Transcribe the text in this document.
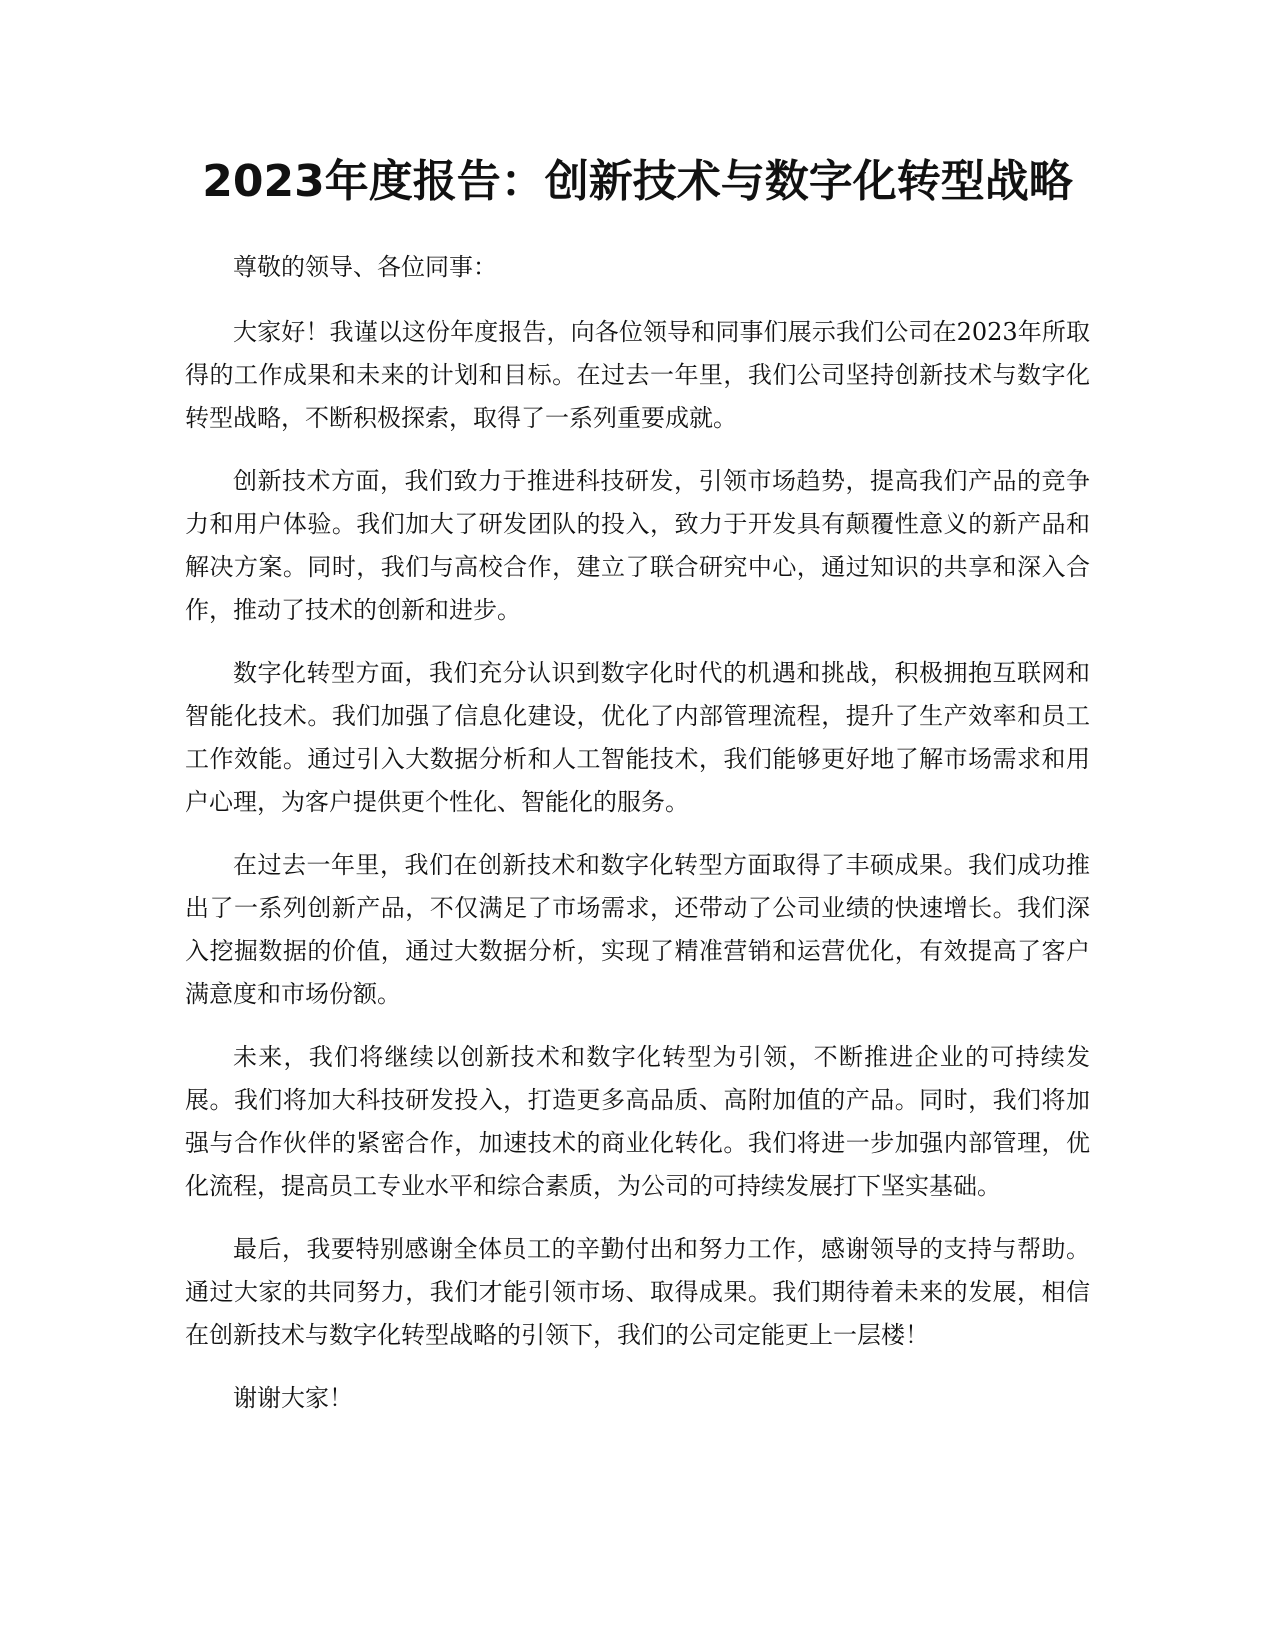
2023年度报告：创新技术与数字化转型战略

尊敬的领导、各位同事：

大家好！我谨以这份年度报告，向各位领导和同事们展示我们公司在2023年所取得的工作成果和未来的计划和目标。在过去一年里，我们公司坚持创新技术与数字化转型战略，不断积极探索，取得了一系列重要成就。

创新技术方面，我们致力于推进科技研发，引领市场趋势，提高我们产品的竞争力和用户体验。我们加大了研发团队的投入，致力于开发具有颠覆性意义的新产品和解决方案。同时，我们与高校合作，建立了联合研究中心，通过知识的共享和深入合作，推动了技术的创新和进步。

数字化转型方面，我们充分认识到数字化时代的机遇和挑战，积极拥抱互联网和智能化技术。我们加强了信息化建设，优化了内部管理流程，提升了生产效率和员工工作效能。通过引入大数据分析和人工智能技术，我们能够更好地了解市场需求和用户心理，为客户提供更个性化、智能化的服务。

在过去一年里，我们在创新技术和数字化转型方面取得了丰硕成果。我们成功推出了一系列创新产品，不仅满足了市场需求，还带动了公司业绩的快速增长。我们深入挖掘数据的价值，通过大数据分析，实现了精准营销和运营优化，有效提高了客户满意度和市场份额。

未来，我们将继续以创新技术和数字化转型为引领，不断推进企业的可持续发展。我们将加大科技研发投入，打造更多高品质、高附加值的产品。同时，我们将加强与合作伙伴的紧密合作，加速技术的商业化转化。我们将进一步加强内部管理，优化流程，提高员工专业水平和综合素质，为公司的可持续发展打下坚实基础。

最后，我要特别感谢全体员工的辛勤付出和努力工作，感谢领导的支持与帮助。通过大家的共同努力，我们才能引领市场、取得成果。我们期待着未来的发展，相信在创新技术与数字化转型战略的引领下，我们的公司定能更上一层楼！

谢谢大家！
